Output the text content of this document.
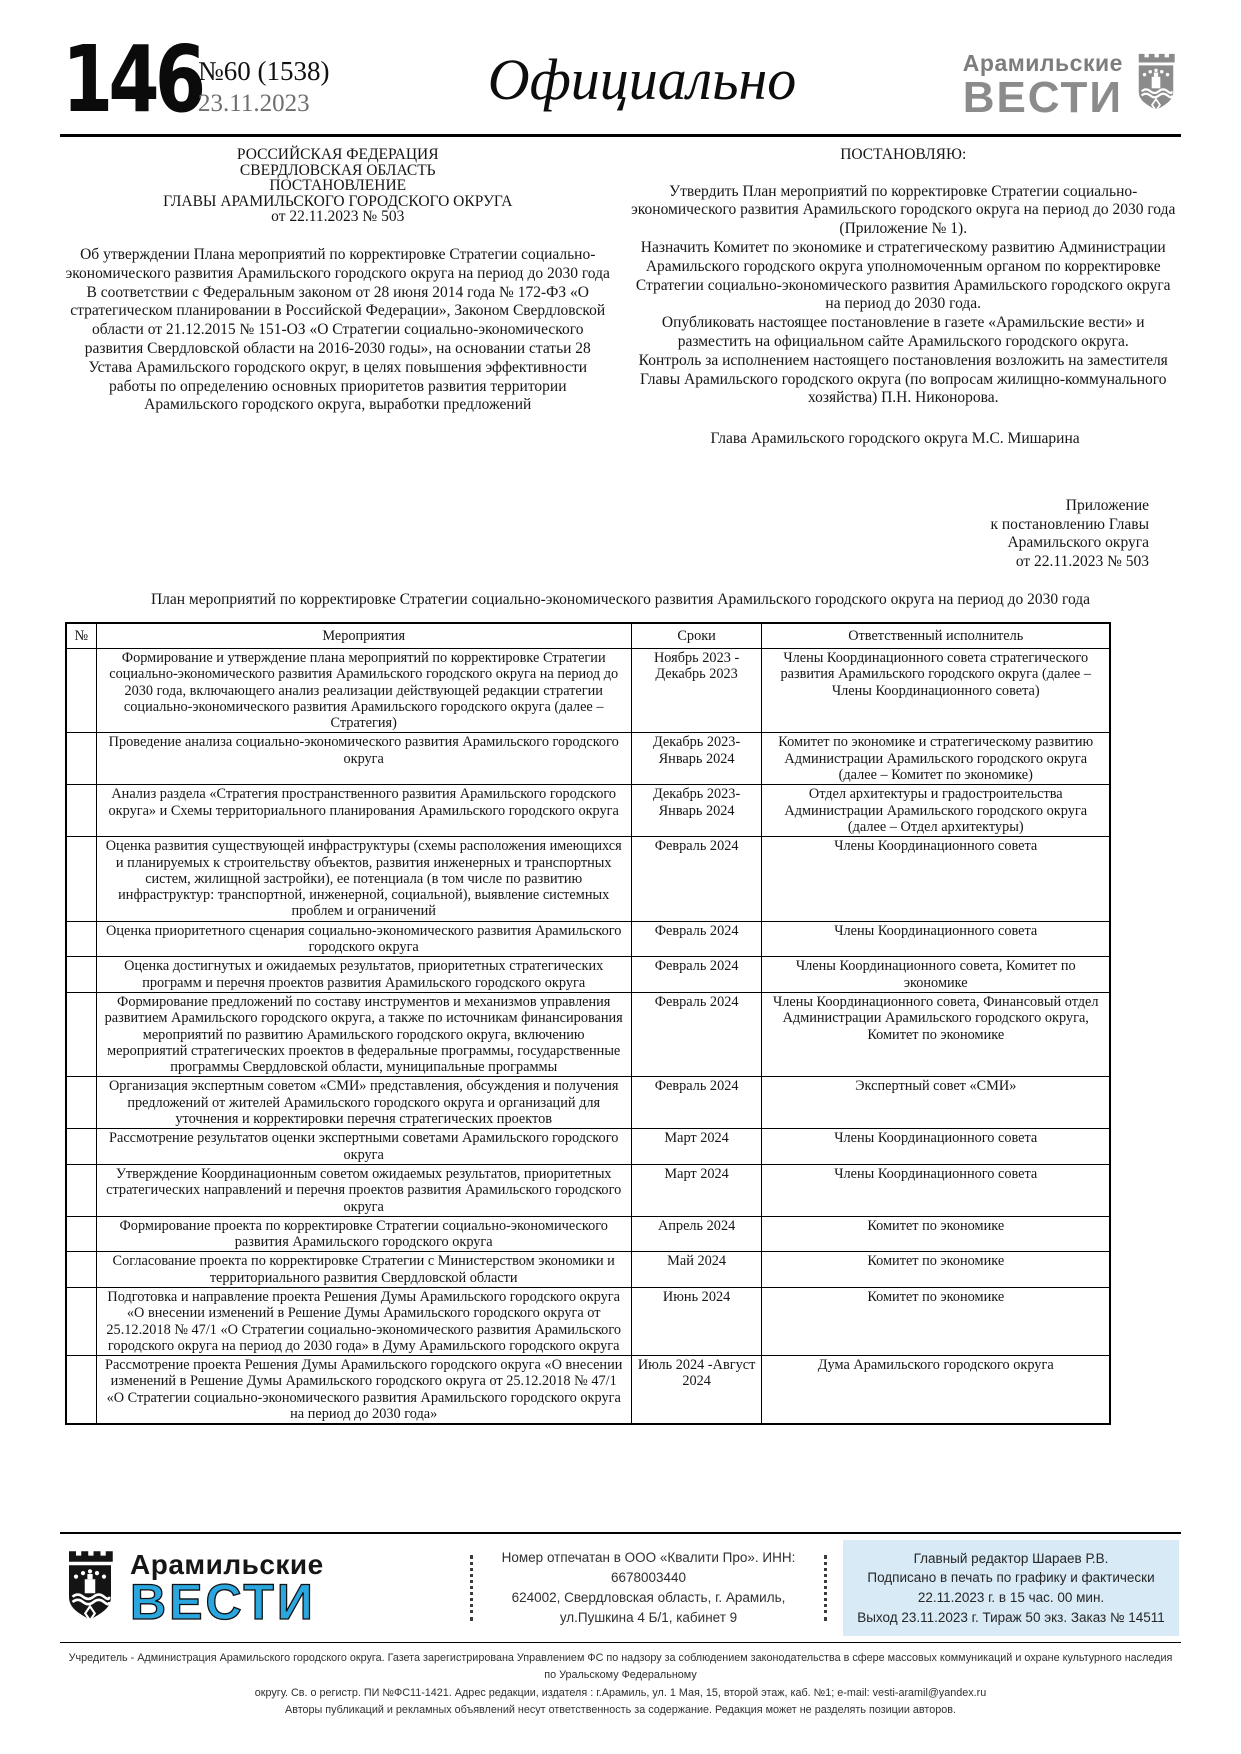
146
№60 (1538)
23.11.2023	Официально	Арамильские
ВЕСТИ
РОССИЙСКАЯ ФЕДЕРАЦИЯ
СВЕРДЛОВСКАЯ ОБЛАСТЬ
ПОСТАНОВЛЕНИЕ
ГЛАВЫ АРАМИЛЬСКОГО ГОРОДСКОГО ОКРУГА
от 22.11.2023 № 503
Об утверждении Плана мероприятий по корректировке Стратегии социально-экономического развития Арамильского городского округа на период до 2030 года
В соответствии с Федеральным законом от 28 июня 2014 года № 172-ФЗ «О стратегическом планировании в Российской Федерации», Законом Свердловской области от 21.12.2015 № 151-ОЗ «О Стратегии социально-экономического развития Свердловской области на 2016-2030 годы», на основании статьи 28 Устава Арамильского городского округ, в целях повышения эффективности работы по определению основных приоритетов развития территории Арамильского городского округа, выработки предложений
ПОСТАНОВЛЯЮ:

Утвердить План мероприятий по корректировке Стратегии социально-экономического развития Арамильского городского округа на период до 2030 года (Приложение № 1).

Назначить Комитет по экономике и стратегическому развитию Администрации Арамильского городского округа уполномоченным органом по корректировке Стратегии социально-экономического развития Арамильского городского округа на период до 2030 года.

Опубликовать настоящее постановление в газете «Арамильские вести» и разместить на официальном сайте Арамильского городского округа.

Контроль за исполнением настоящего постановления возложить на заместителя Главы Арамильского городского округа (по вопросам жилищно-коммунального хозяйства) П.Н. Никонорова.

Глава Арамильского городского округа М.С. Мишарина
Приложение
к постановлению Главы
Арамильского округа
от 22.11.2023 № 503
План мероприятий по корректировке Стратегии социально-экономического развития Арамильского городского округа на период до 2030 года
№	Мероприятия	Сроки	Ответственный исполнитель
	Формирование и утверждение плана мероприятий по корректировке Стратегии социально-экономического развития Арамильского городского округа на период до 2030 года, включающего анализ реализации действующей редакции стратегии социально-экономического развития Арамильского городского округа (далее – Стратегия)	Ноябрь 2023 - Декабрь 2023	Члены Координационного совета стратегического развития Арамильского городского округа (далее – Члены Координационного совета)
	Проведение анализа социально-экономического развития Арамильского городского округа	Декабрь 2023-Январь 2024	Комитет по экономике и стратегическому развитию Администрации Арамильского городского округа (далее – Комитет по экономике)
	Анализ раздела «Стратегия пространственного развития Арамильского городского округа» и Схемы территориального планирования Арамильского городского округа	Декабрь 2023-Январь 2024	Отдел архитектуры и градостроительства Администрации Арамильского городского округа (далее – Отдел архитектуры)
	Оценка развития существующей инфраструктуры (схемы расположения имеющихся и планируемых к строительству объектов, развития инженерных и транспортных систем, жилищной застройки), ее потенциала (в том числе по развитию инфраструктур: транспортной, инженерной, социальной), выявление системных проблем и ограничений	Февраль 2024	Члены Координационного совета
	Оценка приоритетного сценария социально-экономического развития Арамильского городского округа	Февраль 2024	Члены Координационного совета
	Оценка достигнутых и ожидаемых результатов, приоритетных стратегических программ и перечня проектов развития Арамильского городского округа	Февраль 2024	Члены Координационного совета, Комитет по экономике
	Формирование предложений по составу инструментов и механизмов управления развитием Арамильского городского округа, а также по источникам финансирования мероприятий по развитию Арамильского городского округа, включению мероприятий стратегических проектов в федеральные программы, государственные программы Свердловской области, муниципальные программы	Февраль 2024	Члены Координационного совета, Финансовый отдел Администрации Арамильского городского округа, Комитет по экономике
	Организация экспертным советом «СМИ» представления, обсуждения и получения предложений от жителей Арамильского городского округа и организаций для уточнения и корректировки перечня стратегических проектов	Февраль 2024	Экспертный совет «СМИ»
	Рассмотрение результатов оценки экспертными советами Арамильского городского округа	Март 2024	Члены Координационного совета
	Утверждение Координационным советом ожидаемых результатов, приоритетных стратегических направлений и перечня проектов развития Арамильского городского округа	Март 2024	Члены Координационного совета
	Формирование проекта по корректировке Стратегии социально-экономического развития Арамильского городского округа	Апрель 2024	Комитет по экономике
	Согласование проекта по корректировке Стратегии с Министерством экономики и территориального развития Свердловской области	Май 2024	Комитет по экономике
	Подготовка и направление проекта Решения Думы Арамильского городского округа «О внесении изменений в Решение Думы Арамильского городского округа от 25.12.2018 № 47/1 «О Стратегии социально-экономического развития Арамильского городского округа на период до 2030 года» в Думу Арамильского городского округа	Июнь 2024	Комитет по экономике
	Рассмотрение проекта Решения Думы Арамильского городского округа «О внесении изменений в Решение Думы Арамильского городского округа от 25.12.2018 № 47/1 «О Стратегии социально-экономического развития Арамильского городского округа на период до 2030 года»	Июль 2024 -Август 2024	Дума Арамильского городского округа
Арамильские
ВЕСТИ
Номер отпечатан в ООО «Квалити Про». ИНН: 6678003440
624002, Свердловская область, г. Арамиль, ул.Пушкина 4 Б/1, кабинет 9
Главный редактор Шараев Р.В.
Подписано в печать по графику и фактически
22.11.2023 г. в 15 час. 00 мин.
Выход 23.11.2023 г. Тираж 50 экз. Заказ № 14511
Учредитель - Администрация Арамильского городского округа. Газета зарегистрирована Управлением ФС по надзору за соблюдением законодательства в сфере массовых коммуникаций и охране культурного наследия по Уральскому Федеральному
округу. Св. о регистр. ПИ №ФС11-1421. Адрес редакции, издателя : г.Арамиль, ул. 1 Мая, 15, второй этаж, каб. №1; e-mail: vesti-aramil@yandex.ru
Авторы публикаций и рекламных объявлений несут ответственность за содержание. Редакция может не разделять позиции авторов.
